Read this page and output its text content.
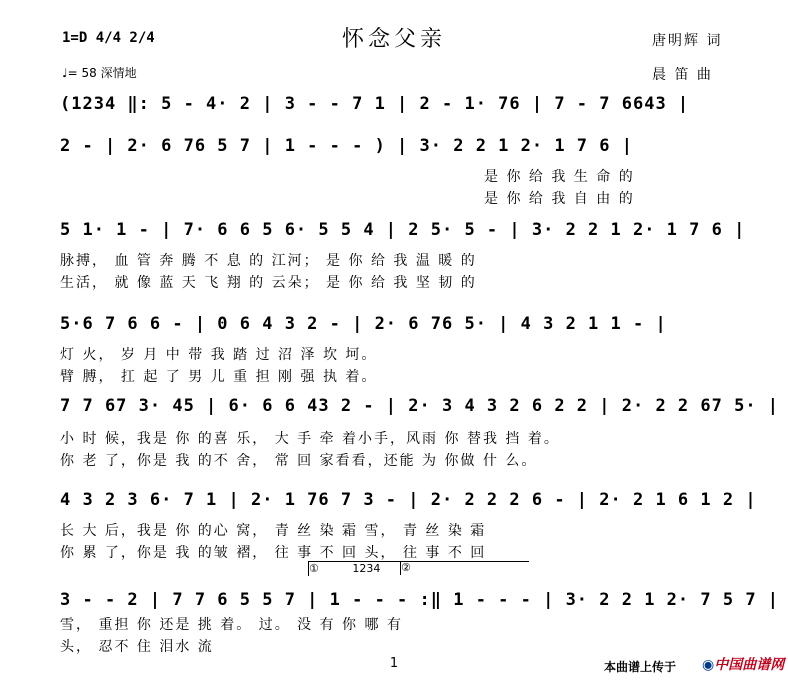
怀念父亲
1=D 4/4 2/4
♩= 58 深情地
唐明辉 词
晨 笛 曲
(1234 ‖: 5 - 4· 2 | 3 - - 7 1 | 2 - 1· 76 | 7 - 7 6643 |
2 - | 2· 6 76 5 7 | 1 - - - ) | 3· 2 2 1 2· 1 7 6 |
是 你 给 我 生 命 的
是 你 给 我 自 由 的
5 1· 1 - | 7· 6 6 5 6· 5 5 4 | 2 5· 5 - | 3· 2 2 1 2· 1 7 6 |
脉搏， 血 管 奔 腾 不 息 的 江河； 是 你 给 我 温 暖 的
生活， 就 像 蓝 天 飞 翔 的 云朵； 是 你 给 我 坚 韧 的
5·6 7 6 6 - | 0 6 4 3 2 - | 2· 6 76 5· | 4 3 2 1 1 - |
灯 火， 岁 月 中 带 我 踏 过 沼 泽 坎 坷。
臂 膊， 扛 起 了 男 儿 重 担 刚 强 执 着。
7 7 67 3· 45 | 6· 6 6 43 2 - | 2· 3 4 3 2 6 2 2 | 2· 2 2 67 5· |
小 时 候，我是 你 的喜 乐， 大 手 牵 着小手，风雨 你 替我 挡 着。
你 老 了，你是 我 的不 舍， 常 回 家看看，还能 为 你做 什 么。
4 3 2 3 6· 7 1 | 2· 1 76 7 3 - | 2· 2 2 2 6 - | 2· 2 1 6 1 2 |
长 大 后，我是 你 的心 窝， 青 丝 染 霜 雪， 青 丝 染 霜
你 累 了，你是 我 的皱 褶， 往 事 不 回 头， 往 事 不 回
①	1234	②
3 - - 2 | 7 7 6 5 5 7 | 1 - - - :‖ 1 - - - | 3· 2 2 1 2· 7 5 7 |
雪， 重担 你 还是 挑 着。 过。 没 有 你 哪 有
头， 忍不 住 泪水 流
1	本曲谱上传于 ◉中国曲谱网
